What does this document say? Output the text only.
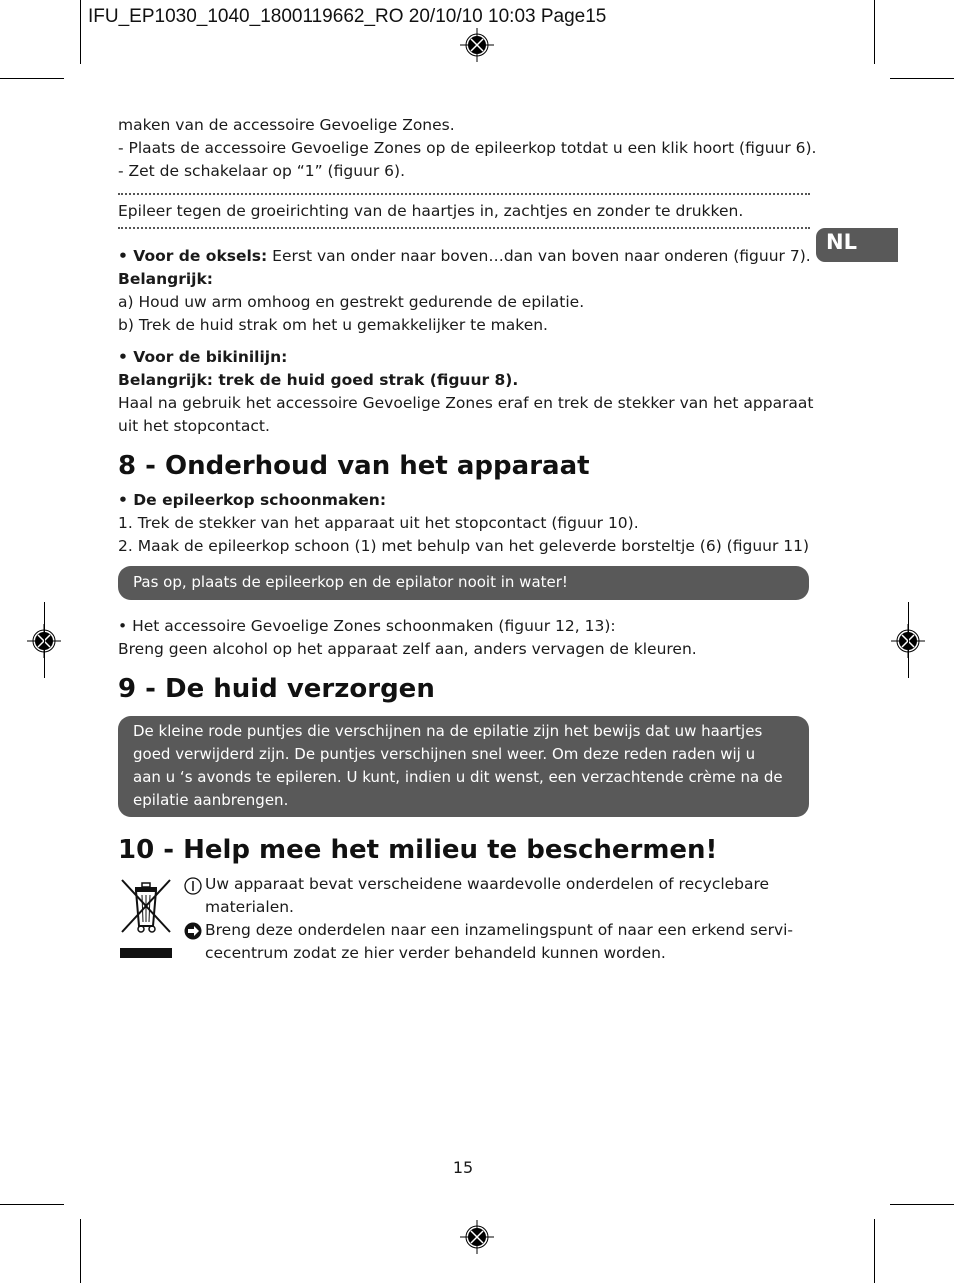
IFU_EP1030_1040_1800119662_RO 20/10/10 10:03 Page15
NL

maken van de accessoire Gevoelige Zones.

- Plaats de accessoire Gevoelige Zones op de epileerkop totdat u een klik hoort (figuur 6).

- Zet de schakelaar op “1” (figuur 6).

Epileer tegen de groeirichting van de haartjes in, zachtjes en zonder te drukken.

• Voor de oksels: Eerst van onder naar boven…dan van boven naar onderen (figuur 7).

Belangrijk:

a) Houd uw arm omhoog en gestrekt gedurende de epilatie.

b) Trek de huid strak om het u gemakkelijker te maken.

• Voor de bikinilijn:

Belangrijk: trek de huid goed strak (figuur 8).

Haal na gebruik het accessoire Gevoelige Zones eraf en trek de stekker van het apparaat

uit het stopcontact.

8 - Onderhoud van het apparaat

• De epileerkop schoonmaken:

1. Trek de stekker van het apparaat uit het stopcontact (figuur 10).

2. Maak de epileerkop schoon (1) met behulp van het geleverde borsteltje (6) (figuur 11)

Pas op, plaats de epileerkop en de epilator nooit in water!

• Het accessoire Gevoelige Zones schoonmaken (figuur 12, 13):

Breng geen alcohol op het apparaat zelf aan, anders vervagen de kleuren.

9 - De huid verzorgen

De kleine rode puntjes die verschijnen na de epilatie zijn het bewijs dat uw haartjes

goed verwijderd zijn. De puntjes verschijnen snel weer. Om deze reden raden wij u

aan u ‘s avonds te epileren. U kunt, indien u dit wenst, een verzachtende crème na de

epilatie aanbrengen.

10 - Help mee het milieu te beschermen!

Uw apparaat bevat verscheidene waardevolle onderdelen of recyclebare

materialen.

Breng deze onderdelen naar een inzamelingspunt of naar een erkend servi-

cecentrum zodat ze hier verder behandeld kunnen worden.

15
